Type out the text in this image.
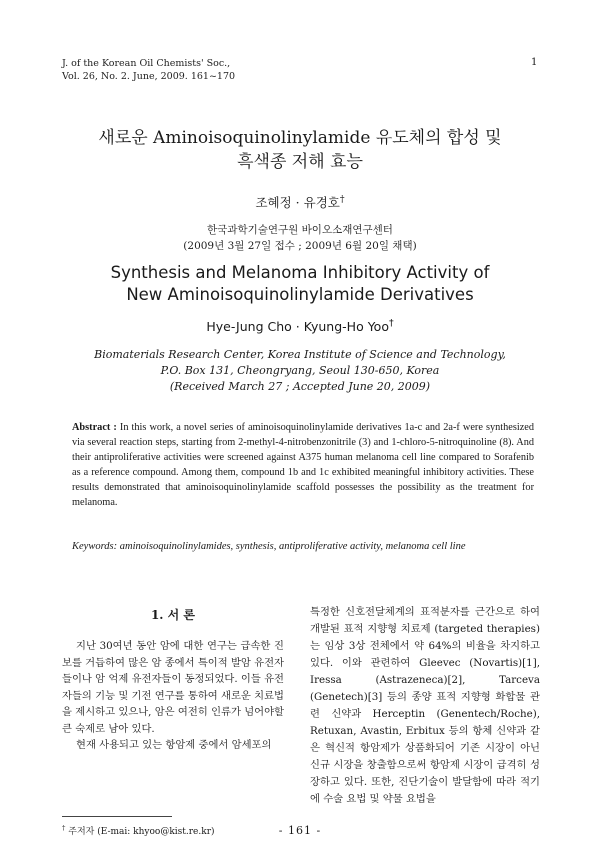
J. of the Korean Oil Chemists' Soc.,
Vol. 26, No. 2. June, 2009. 161~170
1
새로운 Aminoisoquinolinylamide 유도체의 합성 및
흑색종 저해 효능
조혜정 · 유경호†
한국과학기술연구원 바이오소재연구센터
(2009년 3월 27일 접수 ; 2009년 6월 20일 채택)
Synthesis and Melanoma Inhibitory Activity of
New Aminoisoquinolinylamide Derivatives
Hye-Jung Cho · Kyung-Ho Yoo†
Biomaterials Research Center, Korea Institute of Science and Technology,
P.O. Box 131, Cheongryang, Seoul 130-650, Korea
(Received March 27 ; Accepted June 20, 2009)
Abstract : In this work, a novel series of aminoisoquinolinylamide derivatives 1a-c and 2a-f were synthesized via several reaction steps, starting from 2-methyl-4-nitrobenzonitrile (3) and 1-chloro-5-nitroquinoline (8). And their antiproliferative activities were screened against A375 human melanoma cell line compared to Sorafenib as a reference compound. Among them, compound 1b and 1c exhibited meaningful inhibitory activities. These results demonstrated that aminoisoquinolinylamide scaffold possesses the possibility as the treatment for melanoma.
Keywords: aminoisoquinolinylamides, synthesis, antiproliferative activity, melanoma cell line
1. 서 론
지난 30여년 동안 암에 대한 연구는 급속한 진보를 거듭하여 많은 암 종에서 특이적 발암 유전자들이나 암 억제 유전자들이 동정되었다. 이들 유전자들의 기능 및 기전 연구를 통하여 새로운 치료법을 제시하고 있으나, 암은 여전히 인류가 넘어야할 큰 숙제로 남아 있다.
현재 사용되고 있는 항암제 중에서 암세포의
특정한 신호전달체계의 표적분자를 근간으로 하여 개발된 표적 지향형 치료제 (targeted therapies)는 임상 3상 전체에서 약 64%의 비율을 차지하고 있다. 이와 관련하여 Gleevec (Novartis)[1], Iressa (Astrazeneca)[2], Tarceva (Genetech)[3] 등의 종양 표적 지향형 화합물 관련 신약과 Herceptin (Genentech/Roche), Retuxan, Avastin, Erbitux 등의 항체 신약과 같은 혁신적 항암제가 상품화되어 기존 시장이 아닌 신규 시장을 창출함으로써 항암제 시장이 급격히 성장하고 있다. 또한, 진단기술이 발달함에 따라 적기에 수술 요법 및 약물 요법을
† 주저자 (E-mai: khyoo@kist.re.kr)	- 161 -
